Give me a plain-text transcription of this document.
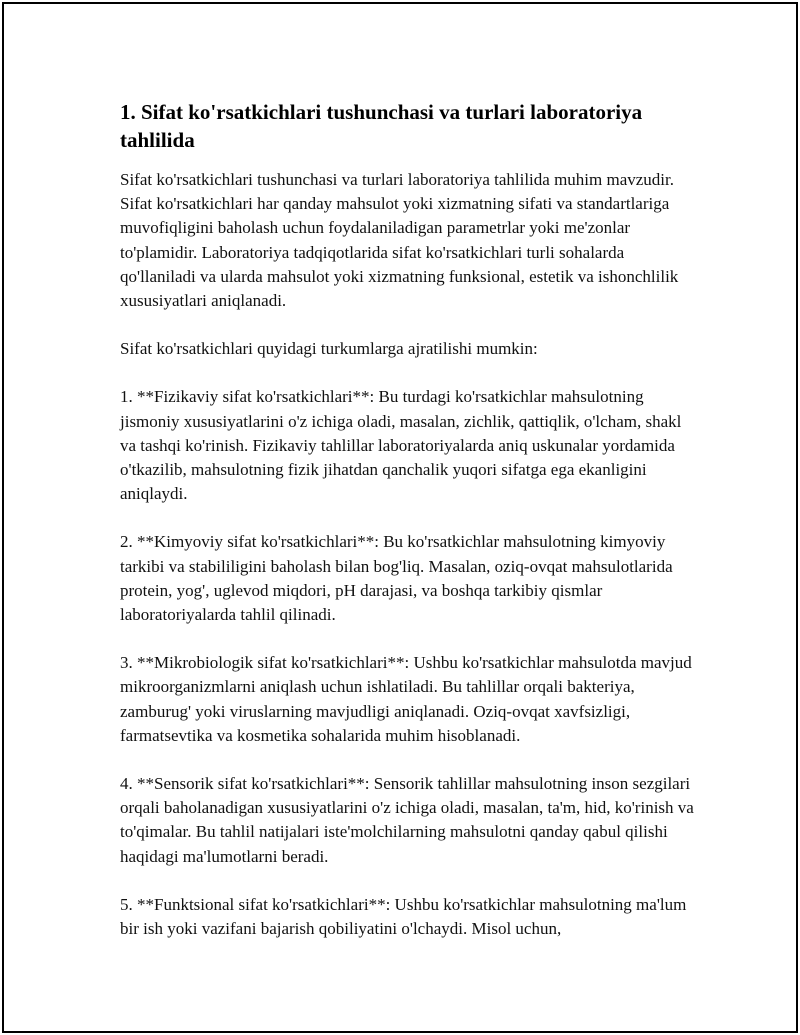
1. Sifat ko'rsatkichlari tushunchasi va turlari laboratoriya tahlilida

Sifat ko'rsatkichlari tushunchasi va turlari laboratoriya tahlilida muhim mavzudir. Sifat ko'rsatkichlari har qanday mahsulot yoki xizmatning sifati va standartlariga muvofiqligini baholash uchun foydalaniladigan parametrlar yoki me'zonlar to'plamidir. Laboratoriya tadqiqotlarida sifat ko'rsatkichlari turli sohalarda qo'llaniladi va ularda mahsulot yoki xizmatning funksional, estetik va ishonchlilik xususiyatlari aniqlanadi.

Sifat ko'rsatkichlari quyidagi turkumlarga ajratilishi mumkin:

1. **Fizikaviy sifat ko'rsatkichlari**: Bu turdagi ko'rsatkichlar mahsulotning jismoniy xususiyatlarini o'z ichiga oladi, masalan, zichlik, qattiqlik, o'lcham, shakl va tashqi ko'rinish. Fizikaviy tahlillar laboratoriyalarda aniq uskunalar yordamida o'tkazilib, mahsulotning fizik jihatdan qanchalik yuqori sifatga ega ekanligini aniqlaydi.

2. **Kimyoviy sifat ko'rsatkichlari**: Bu ko'rsatkichlar mahsulotning kimyoviy tarkibi va stabililigini baholash bilan bog'liq. Masalan, oziq-ovqat mahsulotlarida protein, yog', uglevod miqdori, pH darajasi, va boshqa tarkibiy qismlar laboratoriyalarda tahlil qilinadi.

3. **Mikrobiologik sifat ko'rsatkichlari**: Ushbu ko'rsatkichlar mahsulotda mavjud mikroorganizmlarni aniqlash uchun ishlatiladi. Bu tahlillar orqali bakteriya, zamburug' yoki viruslarning mavjudligi aniqlanadi. Oziq-ovqat xavfsizligi, farmatsevtika va kosmetika sohalarida muhim hisoblanadi.

4. **Sensorik sifat ko'rsatkichlari**: Sensorik tahlillar mahsulotning inson sezgilari orqali baholanadigan xususiyatlarini o'z ichiga oladi, masalan, ta'm, hid, ko'rinish va to'qimalar. Bu tahlil natijalari iste'molchilarning mahsulotni qanday qabul qilishi haqidagi ma'lumotlarni beradi.

5. **Funktsional sifat ko'rsatkichlari**: Ushbu ko'rsatkichlar mahsulotning ma'lum bir ish yoki vazifani bajarish qobiliyatini o'lchaydi. Misol uchun,
